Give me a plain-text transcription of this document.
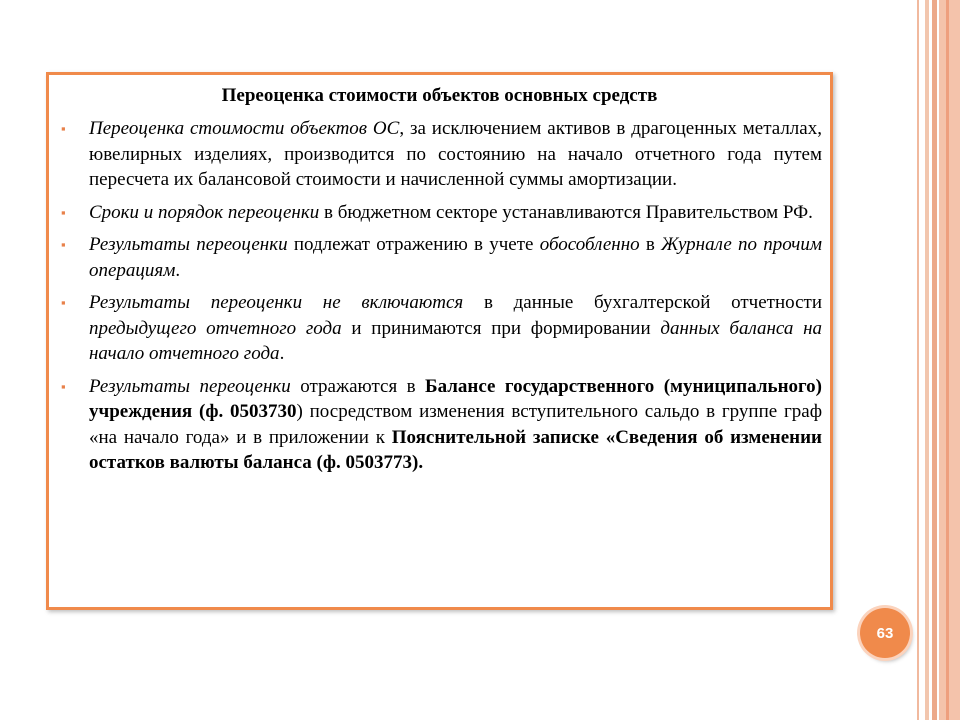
Переоценка стоимости объектов основных средств
▪ Переоценка стоимости объектов ОС, за исключением активов в драгоценных металлах, ювелирных изделиях, производится по состоянию на начало отчетного года путем пересчета их балансовой стоимости и начисленной суммы амортизации.
▪ Сроки и порядок переоценки в бюджетном секторе устанавливаются Правительством РФ.
▪ Результаты переоценки подлежат отражению в учете обособленно в Журнале по прочим операциям.
▪ Результаты переоценки не включаются в данные бухгалтерской отчетности предыдущего отчетного года и принимаются при формировании данных баланса на начало отчетного года.
▪ Результаты переоценки отражаются в Балансе государственного (муниципального) учреждения (ф. 0503730) посредством изменения вступительного сальдо в группе граф «на начало года» и в приложении к Пояснительной записке «Сведения об изменении остатков валюты баланса (ф. 0503773).
63
